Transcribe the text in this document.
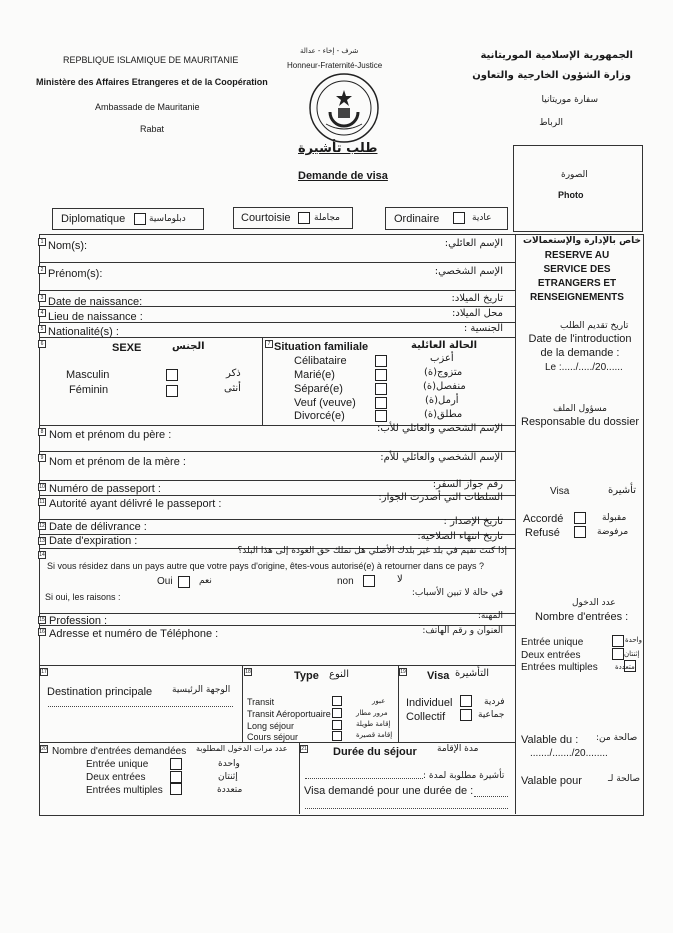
REPBLIQUE ISLAMIQUE DE MAURITANIE
Ministère des Affaires Etrangeres et de la Coopération
Ambassade de Mauritanie
Rabat
شرف - إخاء - عدالة
Honneur-Fraternité-Justice
الجمهورية الإسلامية الموريتانية
وزارة الشؤون الخارجية والتعاون
سفارة موريتانيا
الرباط
طلب تأشيرة
Demande de visa	الصورة
Photo
Diplomatique	دبلوماسية	Courtoisie	مجاملة	Ordinaire	عادية
1
2
3
4
5
6	7
8
9
10
11
12
13
14
15
16
17	18	19
20	21
Nom(s):	الإسم العائلي:
Prénom(s):	الإسم الشخصي:
Date de naissance:	تاريخ الميلاد:
Lieu de naissance :	محل الميلاد:
Nationalité(s) :	الجنسية :
SEXE	الجنس
Masculin	ذكر
Féminin	أنثى
Situation familiale	الحالة العائلية
Célibataire	أعزب
Marié(e)	متزوج(ة)
Séparé(e)	منفصل(ة)
Veuf (veuve)	أرمل(ة)
Divorcé(e)	مطلق(ة)
Nom et prénom du père :
الإسم الشخصي والعائلي للأب:
Nom et prénom de la mère :	الإسم الشخصي والعائلي للأم:
Numéro de passeport :	رقم جواز السفر:
Autorité ayant délivré le passeport :
السلطات التي أصدرت الجواز:
Date de délivrance :	تاريخ الإصدار :
Date d'expiration :	تاريخ انتهاء الصلاحية:
إذا كنت تقيم في بلد غير بلدك الأصلي هل تملك حق العودة إلى هذا البلد؟
Si vous résidez dans un pays autre que votre pays d'origine, êtes-vous autorisé(e) à retourner dans ce pays ?
Oui	نعم	non	لا
Si oui, les raisons :	في حالة لا تبين الأسباب:
Profession :	المهنة:
Adresse et numéro de Téléphone :	العنوان و رقم الهاتف:
Destination principale الوجهة الرئيسية
Type النوع
Transit	عبور
Transit Aéroportuaire	مرور مطار
Long séjour	إقامة طويلة
Cours séjour	إقامة قصيرة
Visa التأشيرة
Individuel	فردية
Collectif	جماعية
Nombre d'entrées demandées عدد مرات الدخول المطلوبة
Entrée unique	واحدة
Deux entrées	إثنتان
Entrées multiples	متعددة
Durée du séjour مدة الإقامة
تأشيرة مطلوبة لمدة :
Visa demandé pour une durée de :
خاص بالإدارة والإستعمالات
RESERVE AU SERVICE DES ETRANGERS ET RENSEIGNEMENTS
تاريخ تقديم الطلب
Date de l'introduction de la demande :
Le :...../...../20......
مسؤول الملف
Responsable du dossier
Visa	تأشيرة
Accordé	مقبولة
Refusé	مرفوضة
عدد الدخول
Nombre d'entrées :
Entrée unique	واحدة
Deux entrées	إثنتان
Entrées multiples متعددة
Valable du : صالحة من:
......./......./20........
Valable pour	صالحة لـ
